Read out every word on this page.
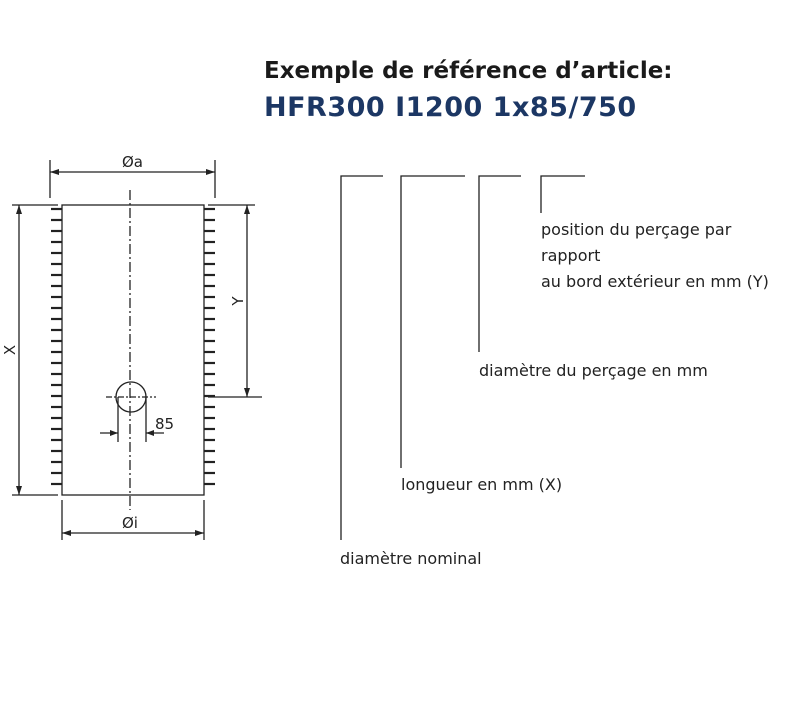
Exemple de référence d’article:
HFR300 I1200 1x85/750
Øa
Øi
X
Y
85
position du perçage par
rapport
au bord extérieur en mm (Y)
diamètre du perçage en mm
longueur en mm (X)
diamètre nominal
